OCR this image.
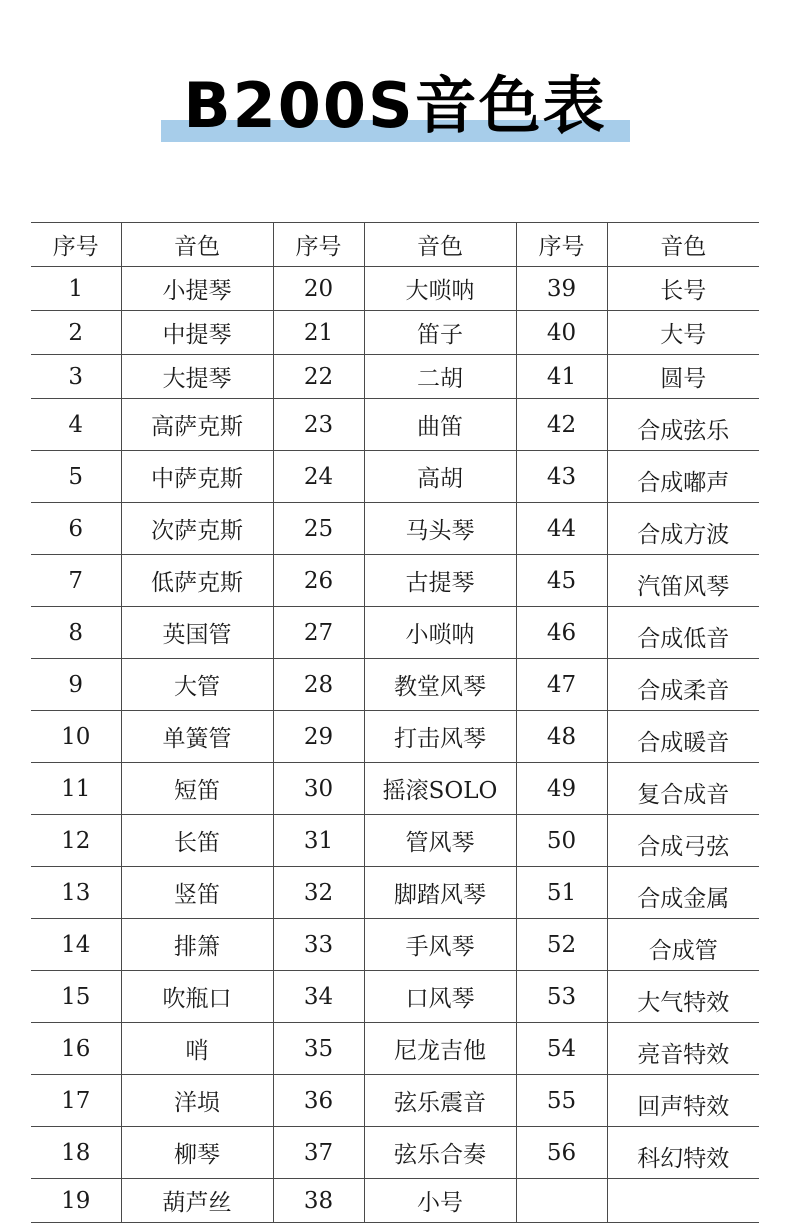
B200S音色表
序号	音色	序号	音色	序号	音色
1	小提琴	20	大唢呐	39	长号
2	中提琴	21	笛子	40	大号
3	大提琴	22	二胡	41	圆号
4	高萨克斯	23	曲笛	42	合成弦乐
5	中萨克斯	24	高胡	43	合成嘟声
6	次萨克斯	25	马头琴	44	合成方波
7	低萨克斯	26	古提琴	45	汽笛风琴
8	英国管	27	小唢呐	46	合成低音
9	大管	28	教堂风琴	47	合成柔音
10	单簧管	29	打击风琴	48	合成暖音
11	短笛	30	摇滚SOLO	49	复合成音
12	长笛	31	管风琴	50	合成弓弦
13	竖笛	32	脚踏风琴	51	合成金属
14	排箫	33	手风琴	52	合成管
15	吹瓶口	34	口风琴	53	大气特效
16	哨	35	尼龙吉他	54	亮音特效
17	洋埙	36	弦乐震音	55	回声特效
18	柳琴	37	弦乐合奏	56	科幻特效
19	葫芦丝	38	小号		
